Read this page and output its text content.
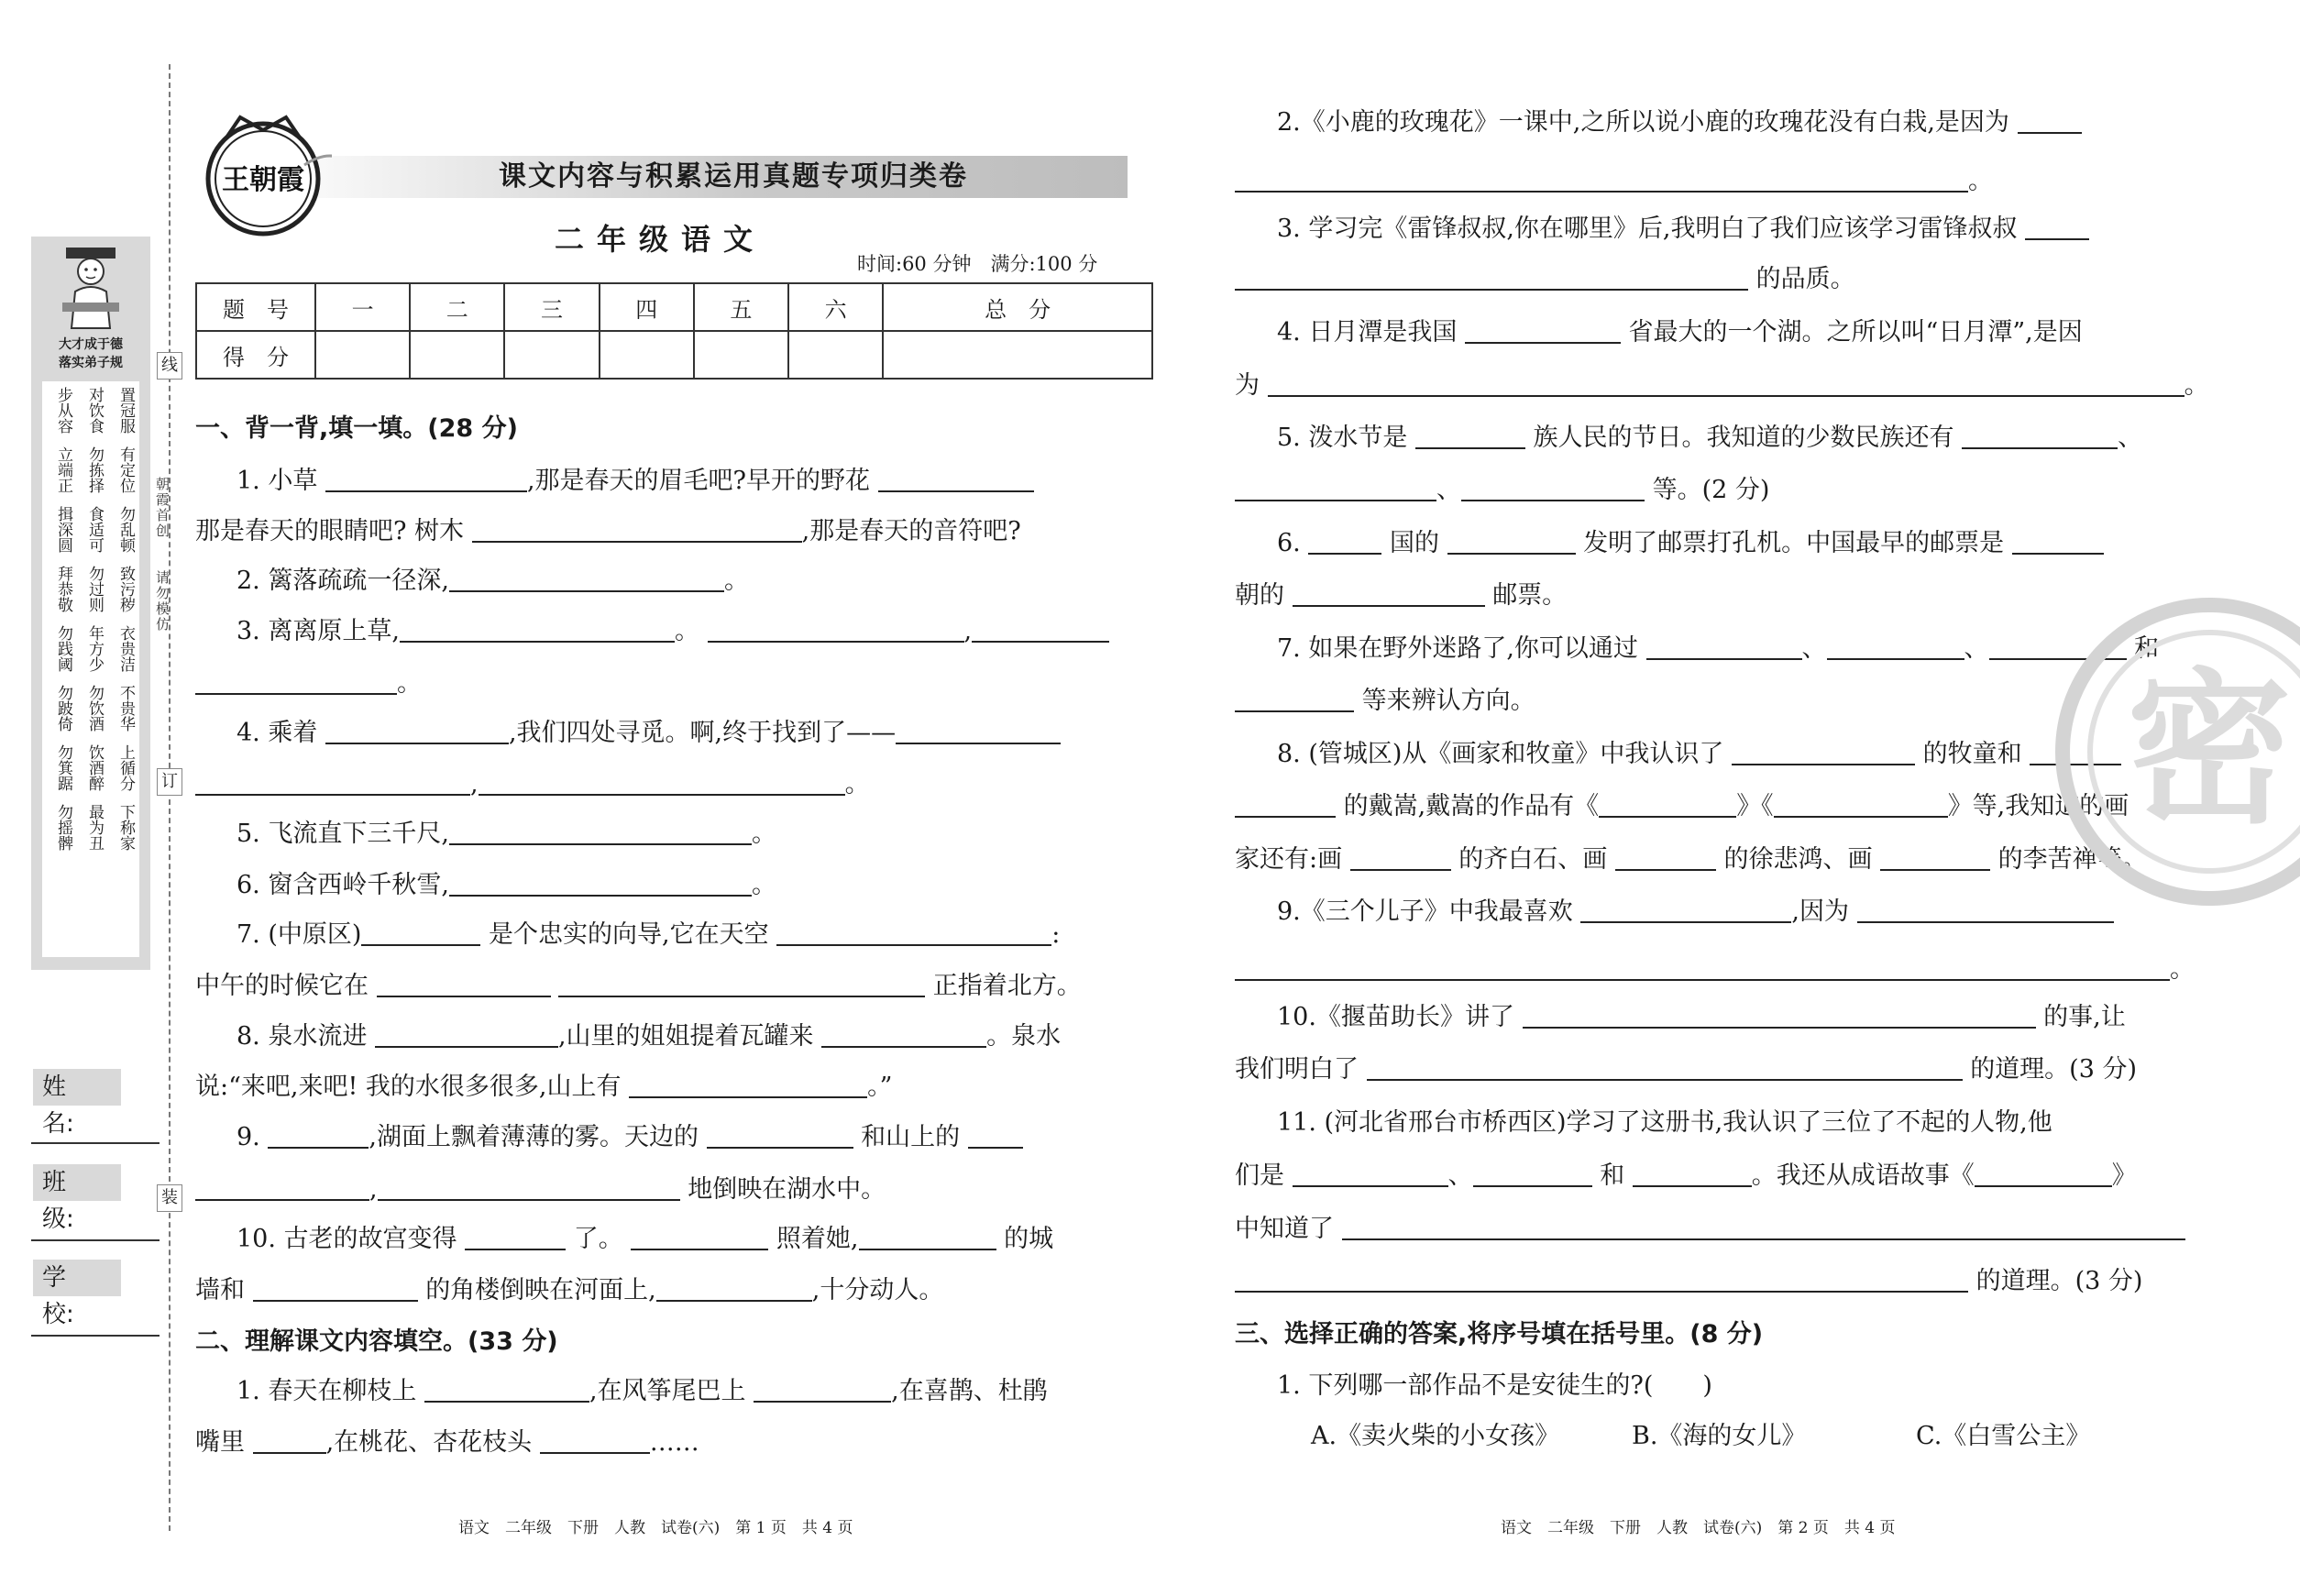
线
订
装
朝霞首创
请勿模仿
大才成于德
落实弟子规
步从容 对饮食 置冠服
立端正 勿拣择 有定位
揖深圆 食适可 勿乱顿
拜恭敬 勿过则 致污秽
勿践阈 年方少 衣贵洁
勿跛倚 勿饮酒 不贵华
勿箕踞 饮酒醉 上循分
勿摇髀 最为丑 下称家
姓　名:
班　级:
学　校:
王朝霞	课文内容与积累运用真题专项归类卷
二年级语文
时间:60 分钟　满分:100 分
题　号	一	二	三	四	五	六	总　分
得　分							
一、背一背,填一填。(28 分)
1. 小草	,那是春天的眉毛吧?早开的野花
那是春天的眼睛吧? 树木	,那是春天的音符吧?
2. 篱落疏疏一径深,	。
3. 离离原上草,	。	,
。
4. 乘着	,我们四处寻觅。啊,终于找到了——
,	。
5. 飞流直下三千尺,	。
6. 窗含西岭千秋雪,	。
7. (中原区)	是个忠实的向导,它在天空	:
中午的时候它在	正指着北方。
8. 泉水流进	,山里的姐姐提着瓦罐来	。泉水
说:“来吧,来吧! 我的水很多很多,山上有	。”
9.	,湖面上飘着薄薄的雾。天边的	和山上的
,	地倒映在湖水中。
10. 古老的故宫变得	了。	照着她,	的城
墙和	的角楼倒映在河面上,	,十分动人。
二、理解课文内容填空。(33 分)
1. 春天在柳枝上	,在风筝尾巴上	,在喜鹊、杜鹃
嘴里	,在桃花、杏花枝头	……
语文　二年级　下册　人教　试卷(六)　第 1 页　共 4 页
2.《小鹿的玫瑰花》一课中,之所以说小鹿的玫瑰花没有白栽,是因为
。
3. 学习完《雷锋叔叔,你在哪里》后,我明白了我们应该学习雷锋叔叔
的品质。
4. 日月潭是我国	省最大的一个湖。之所以叫“日月潭”,是因
为	。
5. 泼水节是	族人民的节日。我知道的少数民族还有	、
、	等。(2 分)
6.	国的	发明了邮票打孔机。中国最早的邮票是
朝的	邮票。
7. 如果在野外迷路了,你可以通过	、	、	和
等来辨认方向。
8. (管城区)从《画家和牧童》中我认识了	的牧童和
的戴嵩,戴嵩的作品有《	》《	》等,我知道的画
家还有:画	的齐白石、画	的徐悲鸿、画	的李苦禅等。
9.《三个儿子》中我最喜欢	,因为
。
10.《揠苗助长》讲了	的事,让
我们明白了	的道理。(3 分)
11. (河北省邢台市桥西区)学习了这册书,我认识了三位了不起的人物,他
们是	、	和	。我还从成语故事《	》
中知道了
的道理。(3 分)
三、选择正确的答案,将序号填在括号里。(8 分)
1. 下列哪一部作品不是安徒生的?(　　)
A.《卖火柴的小女孩》	B.《海的女儿》	C.《白雪公主》
语文　二年级　下册　人教　试卷(六)　第 2 页　共 4 页
密
